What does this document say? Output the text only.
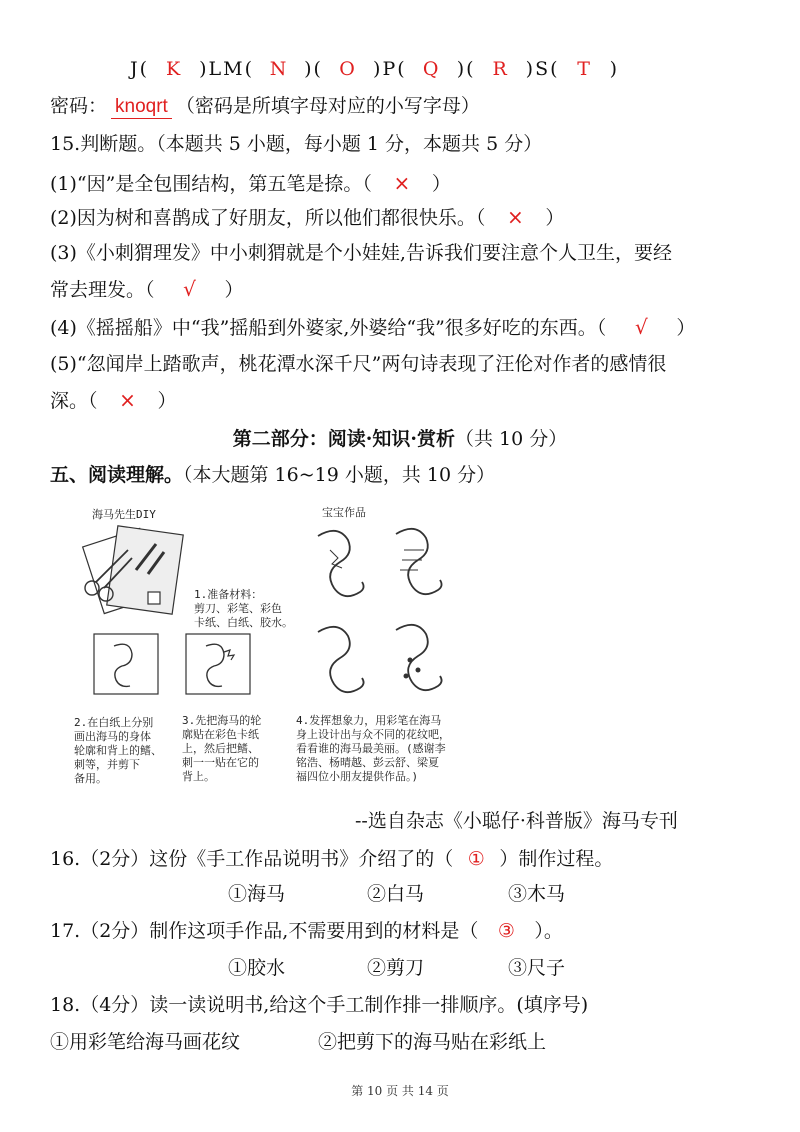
J( K )LM( N )( O )P( Q )( R )S( T )
密码： knoqrt （密码是所填字母对应的小写字母）
15.判断题。（本题共 5 小题，每小题 1 分，本题共 5 分）
(1)“因”是全包围结构，第五笔是捺。（ × ）
(2)因为树和喜鹊成了好朋友，所以他们都很快乐。（ × ）
(3)《小刺猬理发》中小刺猬就是个小娃娃,告诉我们要注意个人卫生，要经
常去理发。（ √ ）
(4)《摇摇船》中“我”摇船到外婆家,外婆给“我”很多好吃的东西。（ √ ）
(5)“忽闻岸上踏歌声，桃花潭水深千尺”两句诗表现了汪伦对作者的感情很
深。（ × ）
第二部分：阅读·知识·赏析（共 10 分）
五、阅读理解。（本大题第 16~19 小题，共 10 分）
海马先生DIY	宝宝作品
1.准备材料：
剪刀、彩笔、彩色
卡纸、白纸、胶水。
2.在白纸上分别
画出海马的身体
轮廓和背上的鳍、
刺等，并剪下
备用。
3.先把海马的轮
廓贴在彩色卡纸
上，然后把鳍、
刺一一贴在它的
背上。
4.发挥想象力，用彩笔在海马
身上设计出与众不同的花纹吧，
看看谁的海马最美丽。(感谢李
铭浩、杨晴越、彭云舒、梁夏
福四位小朋友提供作品。)
--选自杂志《小聪仔·科普版》海马专刊
16.（2分）这份《手工作品说明书》介绍了的（ ① ）制作过程。
①海马	②白马	③木马
17.（2分）制作这项手作品,不需要用到的材料是（ ③ ）。
①胶水	②剪刀	③尺子
18.（4分）读一读说明书,给这个手工制作排一排顺序。(填序号)
①用彩笔给海马画花纹	②把剪下的海马贴在彩纸上
第 10 页 共 14 页
